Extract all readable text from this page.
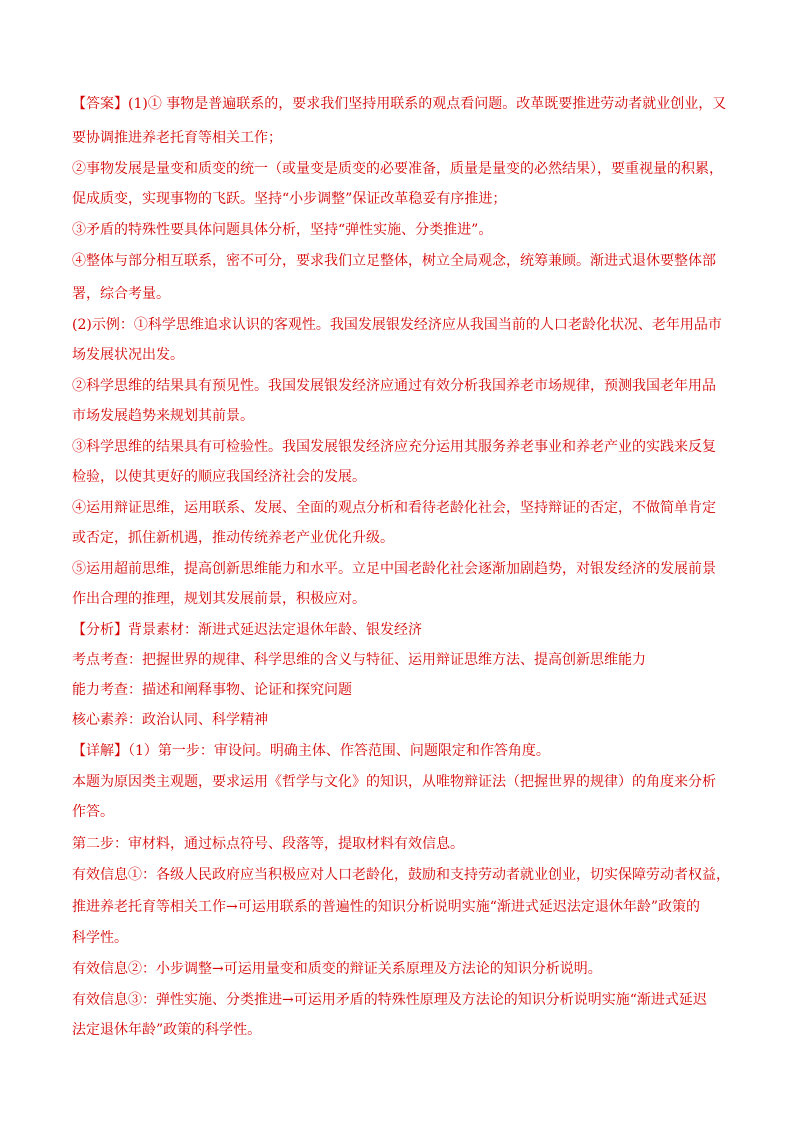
【答案】(1)① 事物是普遍联系的，要求我们坚持用联系的观点看问题。改革既要推进劳动者就业创业，又
要协调推进养老托育等相关工作；
②事物发展是量变和质变的统一（或量变是质变的必要准备，质量是量变的必然结果），要重视量的积累，
促成质变，实现事物的飞跃。坚持“小步调整”保证改革稳妥有序推进；
③矛盾的特殊性要具体问题具体分析，坚持“弹性实施、分类推进”。
④整体与部分相互联系，密不可分，要求我们立足整体，树立全局观念，统筹兼顾。渐进式退休要整体部
署，综合考量。
(2)示例：①科学思维追求认识的客观性。我国发展银发经济应从我国当前的人口老龄化状况、老年用品市
场发展状况出发。
②科学思维的结果具有预见性。我国发展银发经济应通过有效分析我国养老市场规律，预测我国老年用品
市场发展趋势来规划其前景。
③科学思维的结果具有可检验性。我国发展银发经济应充分运用其服务养老事业和养老产业的实践来反复
检验，以使其更好的顺应我国经济社会的发展。
④运用辩证思维，运用联系、发展、全面的观点分析和看待老龄化社会，坚持辩证的否定，不做简单肯定
或否定，抓住新机遇，推动传统养老产业优化升级。
⑤运用超前思维，提高创新思维能力和水平。立足中国老龄化社会逐渐加剧趋势，对银发经济的发展前景
作出合理的推理，规划其发展前景，积极应对。
【分析】背景素材：渐进式延迟法定退休年龄、银发经济
考点考查：把握世界的规律、科学思维的含义与特征、运用辩证思维方法、提高创新思维能力
能力考查：描述和阐释事物、论证和探究问题
核心素养：政治认同、科学精神
【详解】（1）第一步：审设问。明确主体、作答范围、问题限定和作答角度。
本题为原因类主观题，要求运用《哲学与文化》的知识，从唯物辩证法（把握世界的规律）的角度来分析
作答。
第二步：审材料，通过标点符号、段落等，提取材料有效信息。
有效信息①：各级人民政府应当积极应对人口老龄化，鼓励和支持劳动者就业创业，切实保障劳动者权益，
推进养老托育等相关工作→可运用联系的普遍性的知识分析说明实施“渐进式延迟法定退休年龄”政策的
科学性。
有效信息②：小步调整→可运用量变和质变的辩证关系原理及方法论的知识分析说明。
有效信息③：弹性实施、分类推进→可运用矛盾的特殊性原理及方法论的知识分析说明实施“渐进式延迟
法定退休年龄”政策的科学性。
